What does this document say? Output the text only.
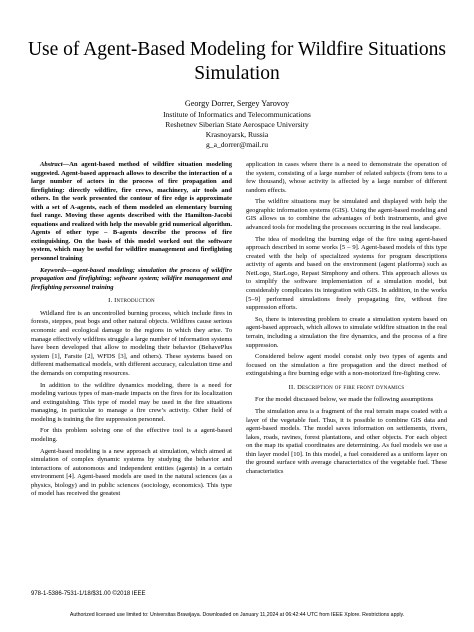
Use of Agent-Based Modeling for Wildfire Situations Simulation
Georgy Dorrer, Sergey Yarovoy
Institute of Informatics and Telecommunications
Reshetnev Siberian State Aerospace University
Krasnoyarsk, Russia
g_a_dorrer@mail.ru

Abstract—An agent-based method of wildfire situation modeling suggested. Agent-based approach allows to describe the interaction of a large number of actors in the process of fire propagation and firefighting: directly wildfire, fire crews, machinery, air tools and others. In the work presented the contour of fire edge is approximate with a set of A-agents, each of them modeled an elementary burning fuel range. Moving these agents described with the Hamilton-Jacobi equations and realized with help the movable grid numerical algorithm. Agents of other type – B-agents describe the process of fire extinguishing. On the basis of this model worked out the software system, which may be useful for wildfire management and firefighting personnel training

Keywords—agent-based modeling; simulation the process of wildfire propagation and firefighting; software system; wildfire management and firefighting personnel training

I. Introduction

Wildland fire is an uncontrolled burning process, which include fires in forests, steppes, peat bogs and other natural objects. Wildfires cause serious economic and ecological damage to the regions in which they arise. To manage effectively wildfires struggle a large number of information systems have been developed that allow to modeling their behavior (BehavePlus system [1], Farsite [2], WFDS [3], and others). These systems based on different mathematical models, with different accuracy, calculation time and the demands on computing resources.

In addition to the wildfire dynamics modeling, there is a need for modeling various types of man-made impacts on the fires for its localization and extinguishing. This type of model may be used in the fire situations managing, in particular to manage a fire crew’s activity. Other field of modeling is training the fire suppression personnel.

For this problem solving one of the effective tool is a agent-based modeling.

Agent-based modeling is a new approach at simulation, which aimed at simulation of complex dynamic systems by studying the behavior and interactions of autonomous and independent entities (agents) in a certain environment [4]. Agent-based models are used in the natural sciences (as a physics, biology) and in public sciences (sociology, economics). This type of model has received the greatest

application in cases where there is a need to demonstrate the operation of the system, consisting of a large number of related subjects (from tens to a few thousand), whose activity is affected by a large number of different random effects.

The wildfire situations may be simulated and displayed with help the geographic information systems (GIS). Using the agent-based modeling and GIS allows us to combine the advantages of both instruments, and give advanced tools for modeling the processes occurring in the real landscape.

The idea of modeling the burning edge of the fire using agent-based approach described in some works [5 – 9]. Agent-based models of this type created with the help of specialized systems for program descriptions activity of agents and based on the environment (agent platforms) such as NetLogo, StarLogo, Repast Simphony and others. This approach allows us to simplify the software implementation of a simulation model, but considerably complicates its integration with GIS. In addition, in the works [5–9] performed simulations freely propagating fire, without fire suppression efforts.

So, there is interesting problem to create a simulation system based on agent-based approach, which allows to simulate wildfire situation in the real terrain, including a simulation the fire dynamics, and the process of a fire suppression.

Considered below agent model consist only two types of agents and focused on the simulation a fire propagation and the direct method of extinguishing a fire burning edge with a non-motorized fire-fighting crew.

II. Description of fire front dynamics

For the model discussed below, we made the following assumptions

The simulation area is a fragment of the real terrain maps coated with a layer of the vegetable fuel. Thus, it is possible to combine GIS data and agent-based models. The model saves information on settlements, rivers, lakes, roads, ravines, forest plantations, and other objects. For each object on the map its spatial coordinates are determining. As fuel models we use a thin layer model [10]. In this model, a fuel considered as a uniform layer on the ground surface with average characteristics of the vegetable fuel. These characteristics

978-1-5386-7531-1/18/$31.00 ©2018 IEEE
Authorized licensed use limited to: Universitas Brawijaya. Downloaded on January 11,2024 at 06:42:44 UTC from IEEE Xplore. Restrictions apply.
